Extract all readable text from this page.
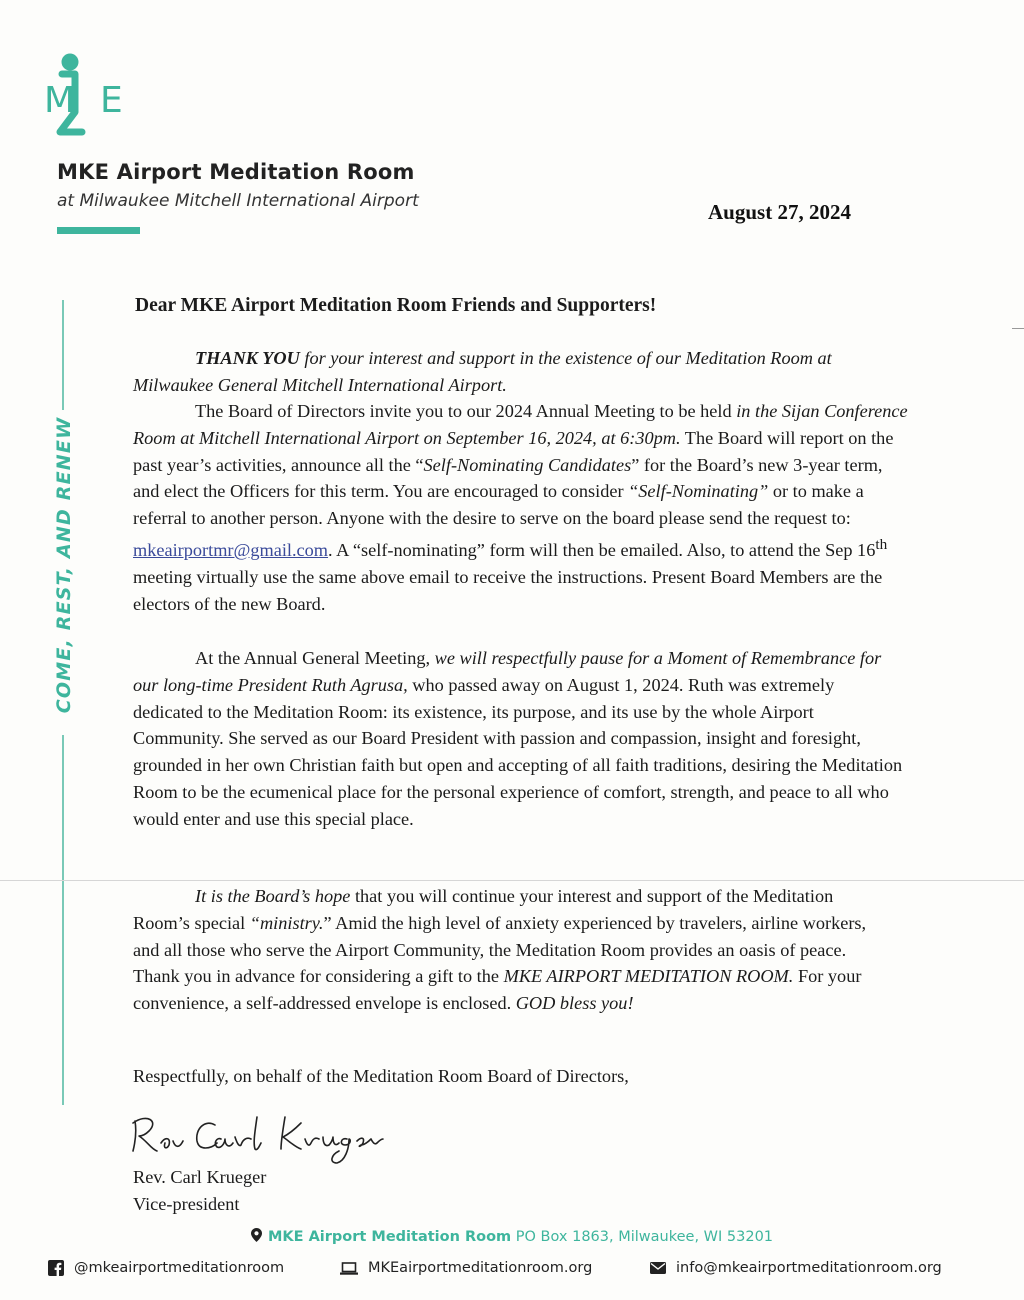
M E
MKE Airport Meditation Room
at Milwaukee Mitchell International Airport	August 27, 2024
COME, REST, AND RENEW
Dear MKE Airport Meditation Room Friends and Supporters!

THANK YOU for your interest and support in the existence of our Meditation Room at Milwaukee General Mitchell International Airport.

The Board of Directors invite you to our 2024 Annual Meeting to be held in the Sijan Conference Room at Mitchell International Airport on September 16, 2024, at 6:30pm. The Board will report on the past year’s activities, announce all the “Self-Nominating Candidates” for the Board’s new 3-year term, and elect the Officers for this term. You are encouraged to consider “Self-Nominating” or to make a referral to another person. Anyone with the desire to serve on the board please send the request to: mkeairportmr@gmail.com. A “self-nominating” form will then be emailed. Also, to attend the Sep 16th meeting virtually use the same above email to receive the instructions. Present Board Members are the electors of the new Board.

At the Annual General Meeting, we will respectfully pause for a Moment of Remembrance for our long-time President Ruth Agrusa, who passed away on August 1, 2024. Ruth was extremely dedicated to the Meditation Room: its existence, its purpose, and its use by the whole Airport Community. She served as our Board President with passion and compassion, insight and foresight, grounded in her own Christian faith but open and accepting of all faith traditions, desiring the Meditation Room to be the ecumenical place for the personal experience of comfort, strength, and peace to all who would enter and use this special place.

It is the Board’s hope that you will continue your interest and support of the Meditation Room’s special “ministry.” Amid the high level of anxiety experienced by travelers, airline workers, and all those who serve the Airport Community, the Meditation Room provides an oasis of peace. Thank you in advance for considering a gift to the MKE AIRPORT MEDITATION ROOM. For your convenience, a self-addressed envelope is enclosed. GOD bless you!

Respectfully, on behalf of the Meditation Room Board of Directors,
Rev. Carl Krueger
Vice-president
MKE Airport Meditation Room PO Box 1863, Milwaukee, WI 53201
@mkeairportmeditationroom	MKEairportmeditationroom.org	info@mkeairportmeditationroom.org
